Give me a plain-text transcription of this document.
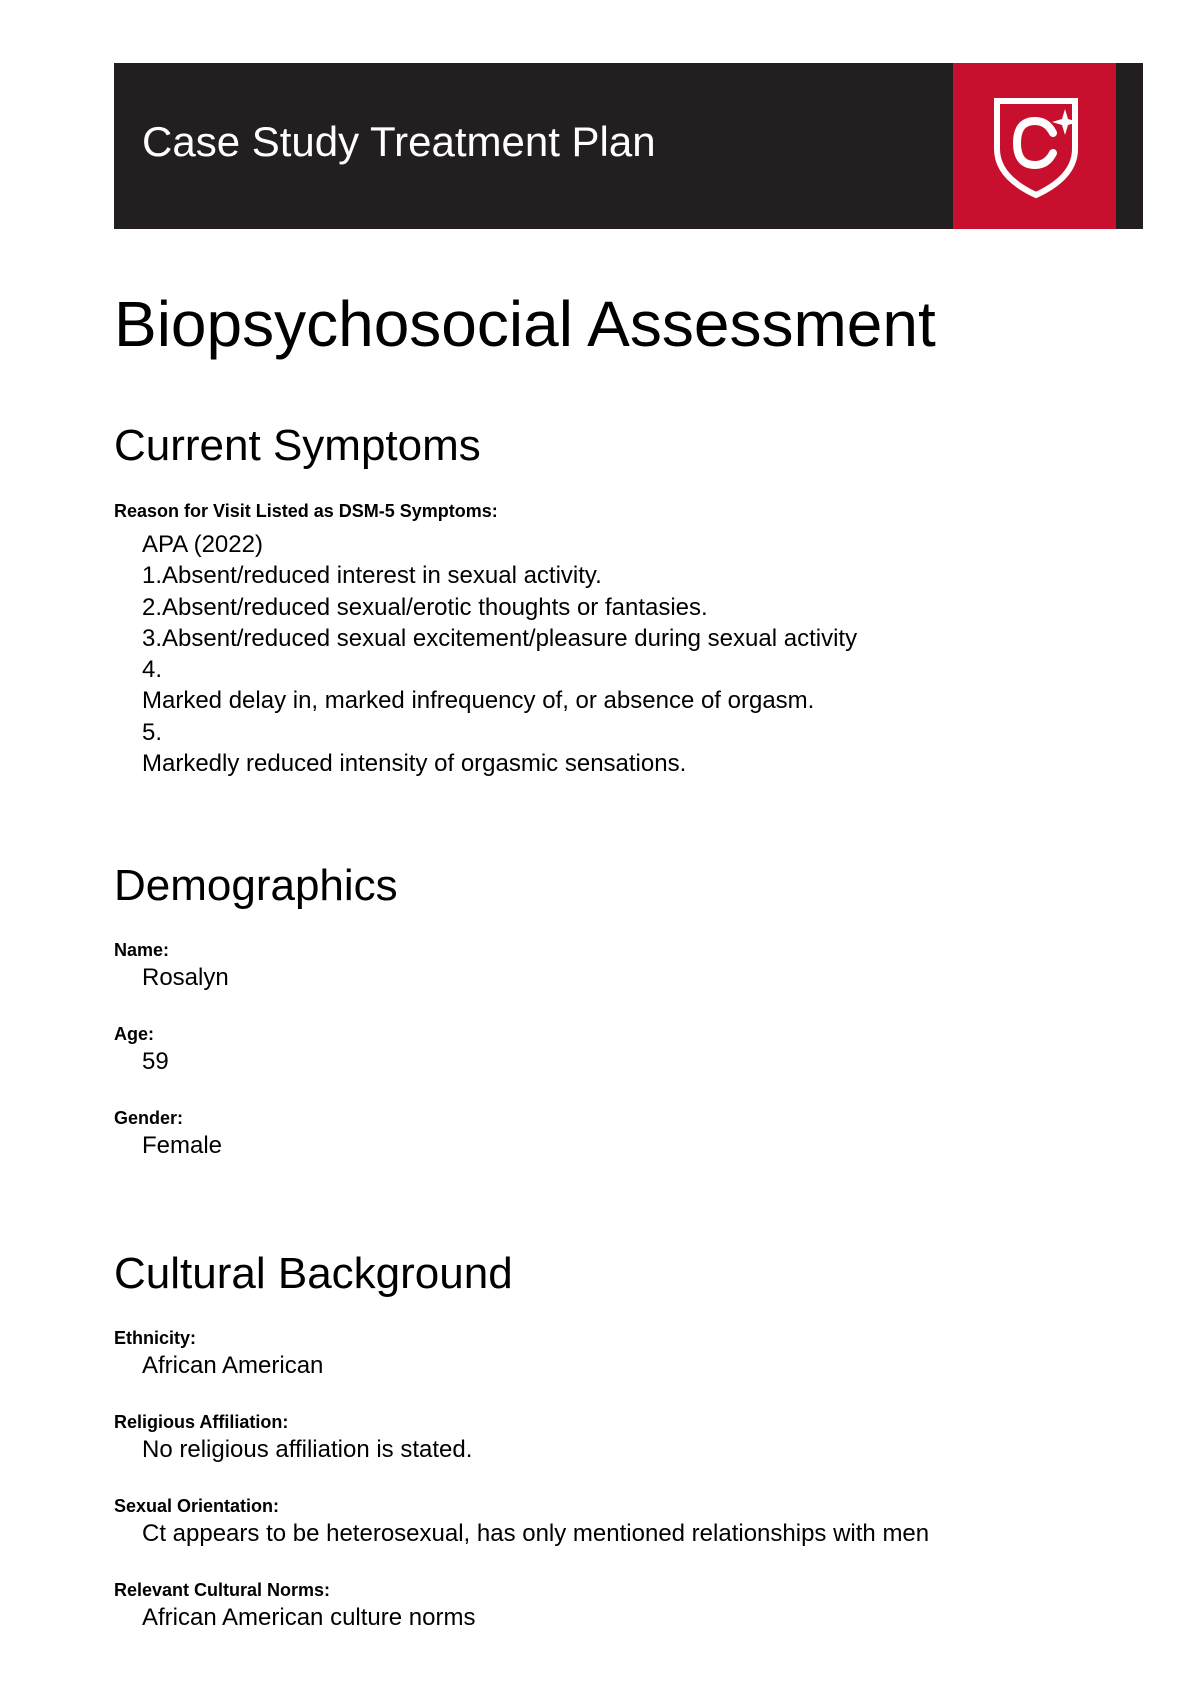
Case Study Treatment Plan
Biopsychosocial Assessment
Current Symptoms

Reason for Visit Listed as DSM-5 Symptoms:

APA (2022)
1.Absent/reduced interest in sexual activity.
2.Absent/reduced sexual/erotic thoughts or fantasies.
3.Absent/reduced sexual excitement/pleasure during sexual activity
4.
Marked delay in, marked infrequency of, or absence of orgasm.
5.
Markedly reduced intensity of orgasmic sensations.
Demographics

Name:

Rosalyn

Age:

59

Gender:

Female

Cultural Background

Ethnicity:

African American

Religious Affiliation:

No religious affiliation is stated.

Sexual Orientation:

Ct appears to be heterosexual, has only mentioned relationships with men

Relevant Cultural Norms:

African American culture norms
